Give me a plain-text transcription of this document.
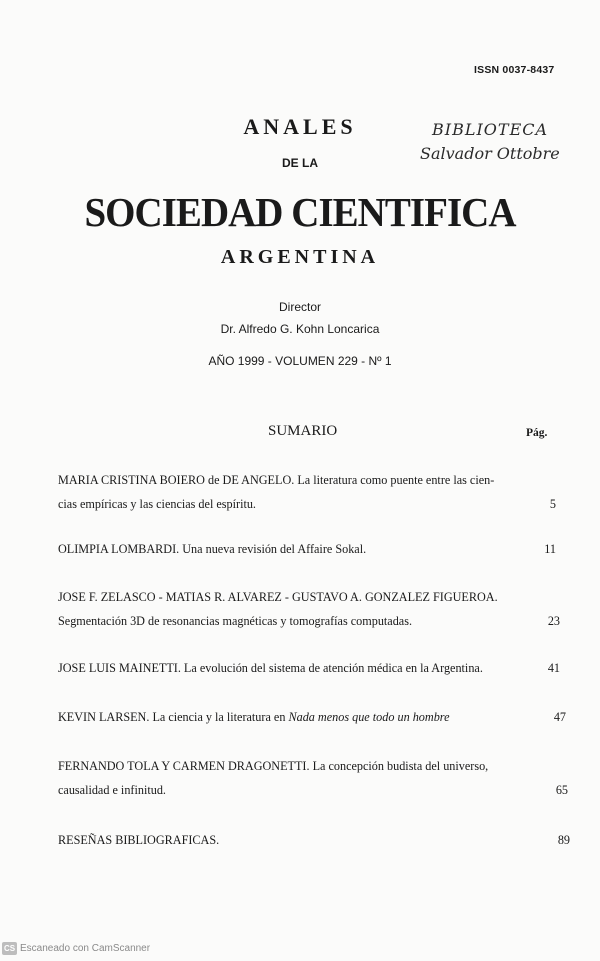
ISSN 0037-8437
ANALES
DE LA
SOCIEDAD CIENTIFICA
ARGENTINA
BIBLIOTECA
Salvador Ottobre
Director
Dr. Alfredo G. Kohn Loncarica
AÑO 1999 - VOLUMEN 229 - Nº 1
SUMARIO	Pág.
MARIA CRISTINA BOIERO de DE ANGELO. La literatura como puente entre las cien-
cias empíricas y las ciencias del espíritu.	5
OLIMPIA LOMBARDI. Una nueva revisión del Affaire Sokal.	11
JOSE F. ZELASCO - MATIAS R. ALVAREZ - GUSTAVO A. GONZALEZ FIGUEROA.
Segmentación 3D de resonancias magnéticas y tomografías computadas.	23
JOSE LUIS MAINETTI. La evolución del sistema de atención médica en la Argentina.	41
KEVIN LARSEN. La ciencia y la literatura en Nada menos que todo un hombre	47
FERNANDO TOLA Y CARMEN DRAGONETTI. La concepción budista del universo,
causalidad e infinitud.	65
RESEÑAS BIBLIOGRAFICAS.	89
CS Escaneado con CamScanner
